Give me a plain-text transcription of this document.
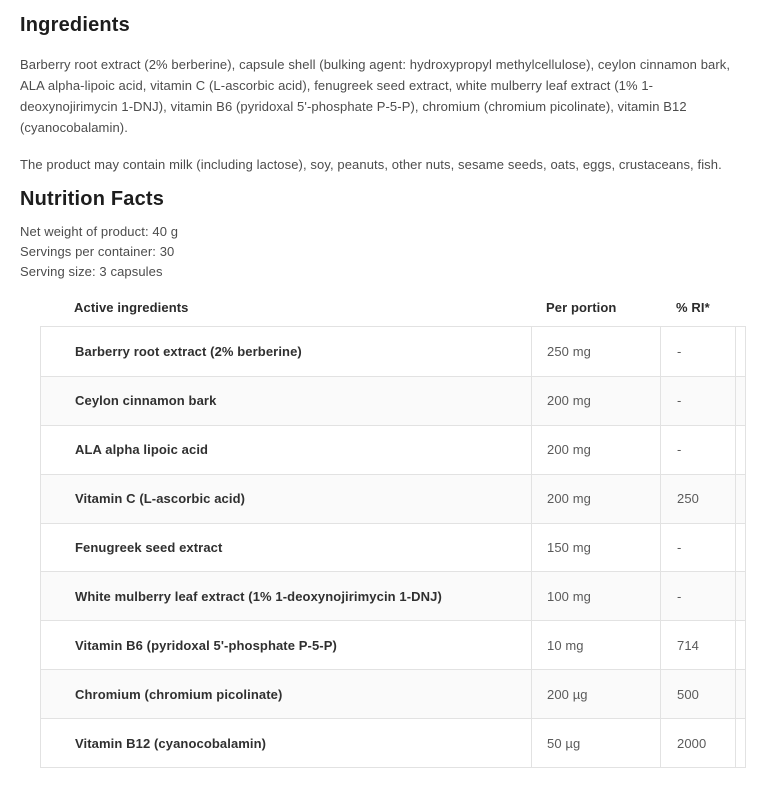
Ingredients

Barberry root extract (2% berberine), capsule shell (bulking agent: hydroxypropyl methylcellulose), ceylon cinnamon bark, ALA alpha-lipoic acid, vitamin C (L-ascorbic acid), fenugreek seed extract, white mulberry leaf extract (1% 1-deoxynojirimycin 1-DNJ), vitamin B6 (pyridoxal 5'-phosphate P-5-P), chromium (chromium picolinate), vitamin B12 (cyanocobalamin).

The product may contain milk (including lactose), soy, peanuts, other nuts, sesame seeds, oats, eggs, crustaceans, fish.

Nutrition Facts
Net weight of product: 40 g
Servings per container: 30
Serving size: 3 capsules
Active ingredients	Per portion	% RI*
Barberry root extract (2% berberine)	250 mg	-
Ceylon cinnamon bark	200 mg	-
ALA alpha lipoic acid	200 mg	-
Vitamin C (L-ascorbic acid)	200 mg	250
Fenugreek seed extract	150 mg	-
White mulberry leaf extract (1% 1-deoxynojirimycin 1-DNJ)	100 mg	-
Vitamin B6 (pyridoxal 5'-phosphate P-5-P)	10 mg	714
Chromium (chromium picolinate)	200 µg	500
Vitamin B12 (cyanocobalamin)	50 µg	2000
